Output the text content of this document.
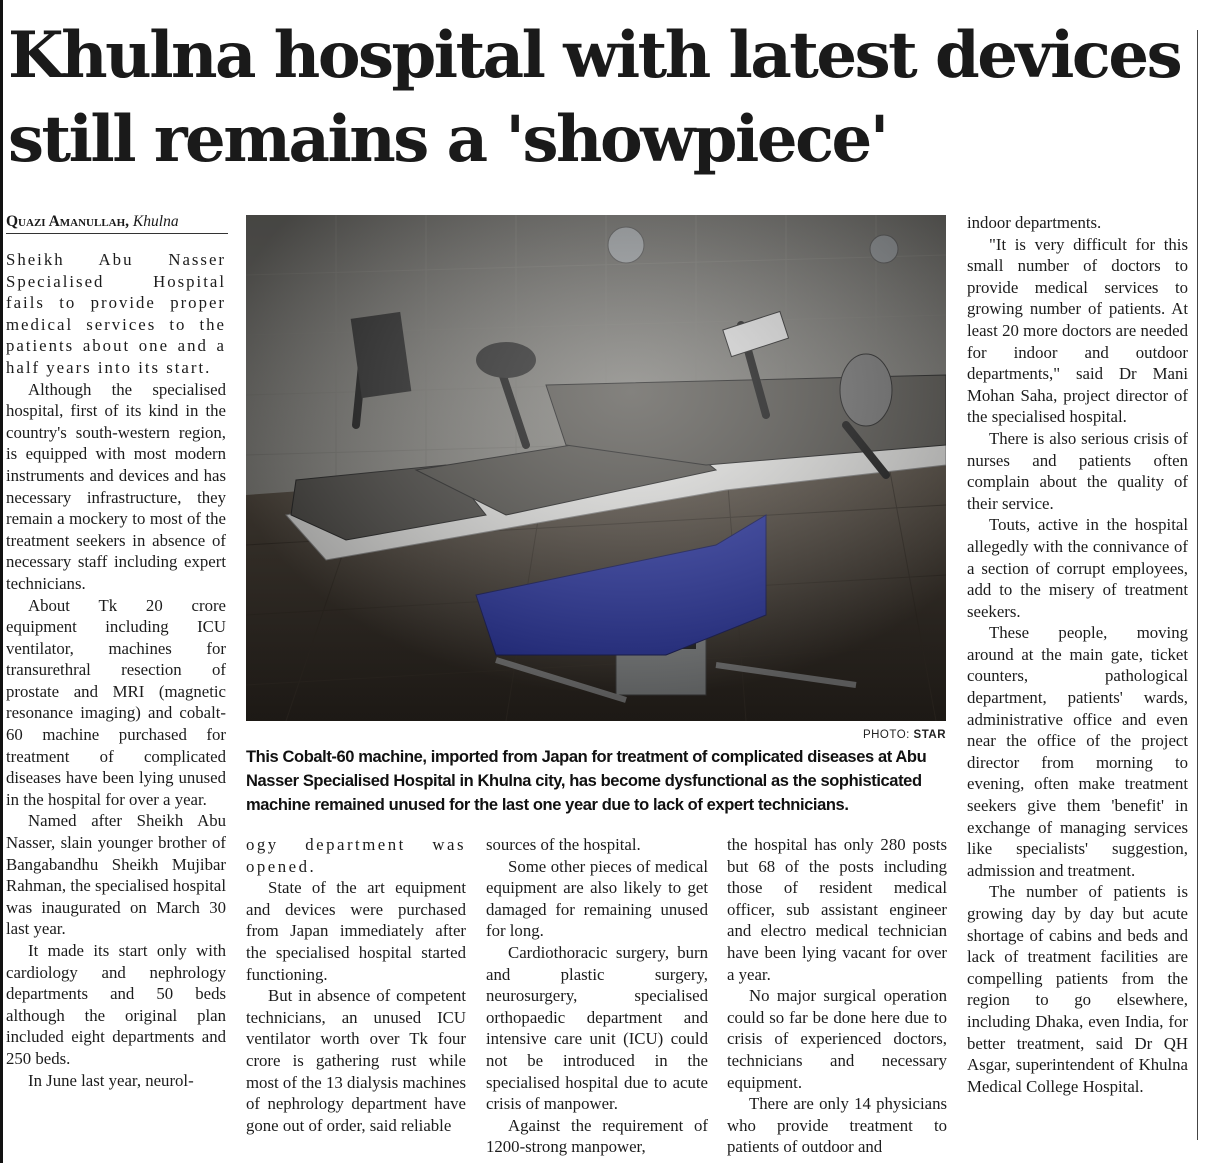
Khulna hospital with latest devices
still remains a 'showpiece'
Quazi Amanullah, Khulna

Sheikh Abu Nasser Specialised Hospital fails to provide proper medical services to the patients about one and a half years into its start.

Although the specialised hospital, first of its kind in the country's south-western region, is equipped with most modern instruments and devices and has necessary infrastructure, they remain a mockery to most of the treatment seekers in absence of necessary staff including expert technicians.

About Tk 20 crore equipment including ICU ventilator, machines for transurethral resection of prostate and MRI (magnetic resonance imaging) and cobalt-60 machine purchased for treatment of complicated diseases have been lying unused in the hospital for over a year.

Named after Sheikh Abu Nasser, slain younger brother of Bangabandhu Sheikh Mujibar Rahman, the specialised hospital was inaugurated on March 30 last year.

It made its start only with cardiology and nephrology departments and 50 beds although the original plan included eight departments and 250 beds.

In June last year, neurol-

PHOTO: STAR
This Cobalt-60 machine, imported from Japan for treatment of complicated diseases at Abu Nasser Specialised Hospital in Khulna city, has become dysfunctional as the sophisticated machine remained unused for the last one year due to lack of expert technicians.

ogy department was opened.

State of the art equipment and devices were purchased from Japan immediately after the specialised hospital started functioning.

But in absence of competent technicians, an unused ICU ventilator worth over Tk four crore is gathering rust while most of the 13 dialysis machines of nephrology department have gone out of order, said reliable

sources of the hospital.

Some other pieces of medical equipment are also likely to get damaged for remaining unused for long.

Cardiothoracic surgery, burn and plastic surgery, neurosurgery, specialised orthopaedic department and intensive care unit (ICU) could not be introduced in the specialised hospital due to acute crisis of manpower.

Against the requirement of 1200-strong manpower,

the hospital has only 280 posts but 68 of the posts including those of resident medical officer, sub assistant engineer and electro medical technician have been lying vacant for over a year.

No major surgical operation could so far be done here due to crisis of experienced doctors, technicians and necessary equipment.

There are only 14 physicians who provide treatment to patients of outdoor and

indoor departments.

"It is very difficult for this small number of doctors to provide medical services to growing number of patients. At least 20 more doctors are needed for indoor and outdoor departments," said Dr Mani Mohan Saha, project director of the specialised hospital.

There is also serious crisis of nurses and patients often complain about the quality of their service.

Touts, active in the hospital allegedly with the connivance of a section of corrupt employees, add to the misery of treatment seekers.

These people, moving around at the main gate, ticket counters, pathological department, patients' wards, administrative office and even near the office of the project director from morning to evening, often make treatment seekers give them 'benefit' in exchange of managing services like specialists' suggestion, admission and treatment.

The number of patients is growing day by day but acute shortage of cabins and beds and lack of treatment facilities are compelling patients from the region to go elsewhere, including Dhaka, even India, for better treatment, said Dr QH Asgar, superintendent of Khulna Medical College Hospital.
